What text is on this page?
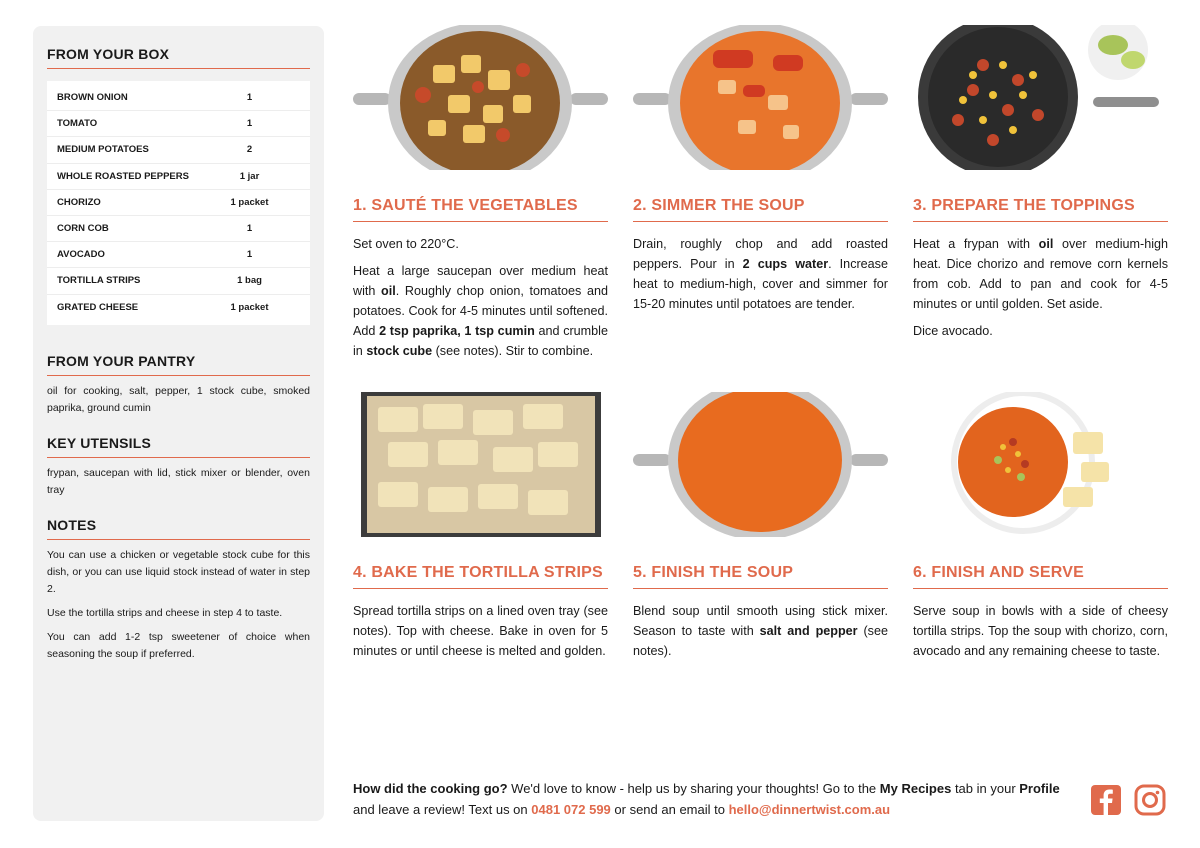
FROM YOUR BOX
BROWN ONION	1
TOMATO	1
MEDIUM POTATOES	2
WHOLE ROASTED PEPPERS	1 jar
CHORIZO	1 packet
CORN COB	1
AVOCADO	1
TORTILLA STRIPS	1 bag
GRATED CHEESE	1 packet
FROM YOUR PANTRY
oil for cooking, salt, pepper, 1 stock cube, smoked paprika, ground cumin
KEY UTENSILS
frypan, saucepan with lid, stick mixer or blender, oven tray
NOTES

You can use a chicken or vegetable stock cube for this dish, or you can use liquid stock instead of water in step 2.

Use the tortilla strips and cheese in step 4 to taste.

You can add 1-2 tsp sweetener of choice when seasoning the soup if preferred.

1. SAUTÉ THE VEGETABLES

Set oven to 220°C.

Heat a large saucepan over medium heat with oil. Roughly chop onion, tomatoes and potatoes. Cook for 4-5 minutes until softened. Add 2 tsp paprika, 1 tsp cumin and crumble in stock cube (see notes). Stir to combine.

2. SIMMER THE SOUP

Drain, roughly chop and add roasted peppers. Pour in 2 cups water. Increase heat to medium-high, cover and simmer for 15-20 minutes until potatoes are tender.

3. PREPARE THE TOPPINGS

Heat a frypan with oil over medium-high heat. Dice chorizo and remove corn kernels from cob. Add to pan and cook for 4-5 minutes or until golden. Set aside.

Dice avocado.

4. BAKE THE TORTILLA STRIPS

Spread tortilla strips on a lined oven tray (see notes). Top with cheese. Bake in oven for 5 minutes or until cheese is melted and golden.

5. FINISH THE SOUP

Blend soup until smooth using stick mixer. Season to taste with salt and pepper (see notes).

6. FINISH AND SERVE

Serve soup in bowls with a side of cheesy tortilla strips. Top the soup with chorizo, corn, avocado and any remaining cheese to taste.

How did the cooking go? We'd love to know - help us by sharing your thoughts! Go to the My Recipes tab in your Profile and leave a review! Text us on 0481 072 599 or send an email to hello@dinnertwist.com.au
